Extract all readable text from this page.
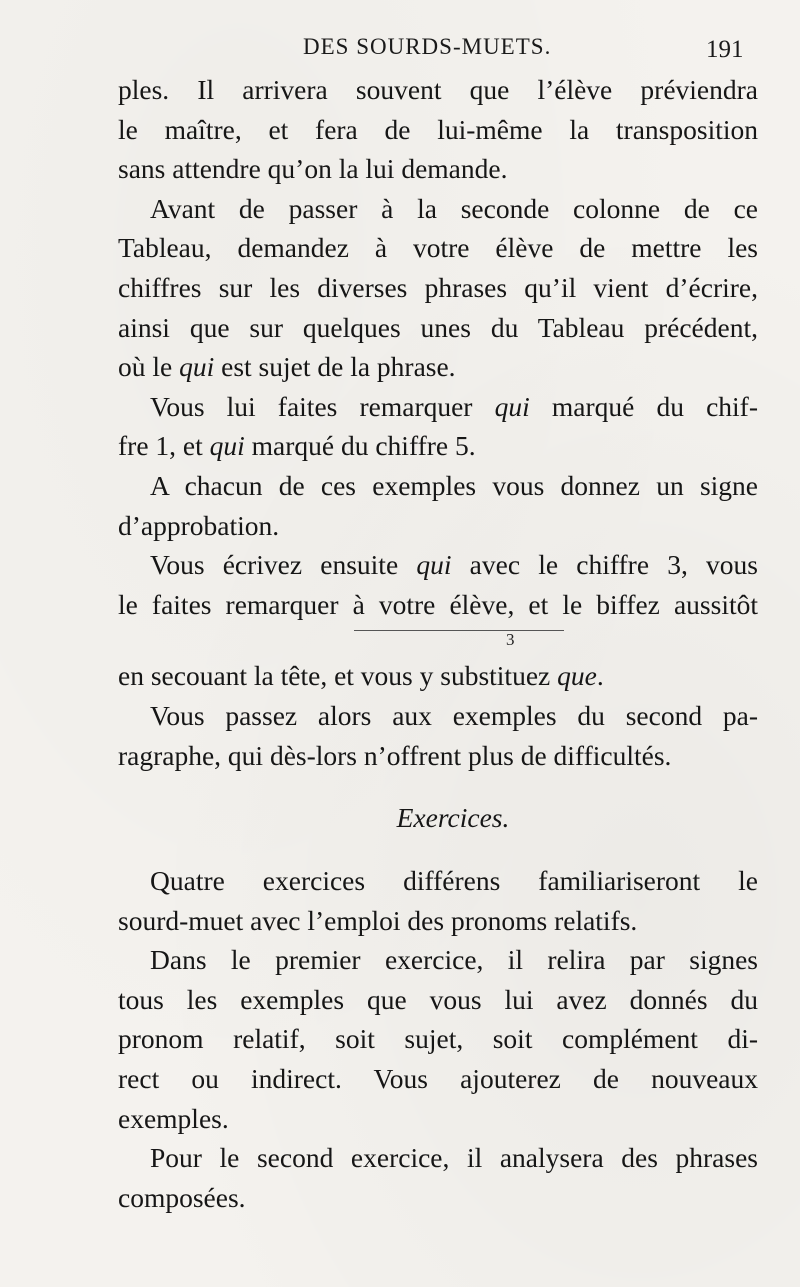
DES SOURDS-MUETS.	191
ples. Il arrivera souvent que l’élève préviendra
le maître, et fera de lui-même la transposition
sans attendre qu’on la lui demande.
Avant de passer à la seconde colonne de ce
Tableau, demandez à votre élève de mettre les
chiffres sur les diverses phrases qu’il vient d’écrire,
ainsi que sur quelques unes du Tableau précédent,
où le qui est sujet de la phrase.
Vous lui faites remarquer qui marqué du chif-
fre 1, et qui marqué du chiffre 5.
A chacun de ces exemples vous donnez un signe
d’approbation.
Vous écrivez ensuite qui avec le chiffre 3, vous
le faites remarquer à votre élève, et le biffez aussitôt
3
en secouant la tête, et vous y substituez que.
Vous passez alors aux exemples du second pa-
ragraphe, qui dès-lors n’offrent plus de difficultés.
Exercices.
Quatre exercices différens familiariseront le
sourd-muet avec l’emploi des pronoms relatifs.
Dans le premier exercice, il relira par signes
tous les exemples que vous lui avez donnés du
pronom relatif, soit sujet, soit complément di-
rect ou indirect. Vous ajouterez de nouveaux
exemples.
Pour le second exercice, il analysera des phrases
composées.
